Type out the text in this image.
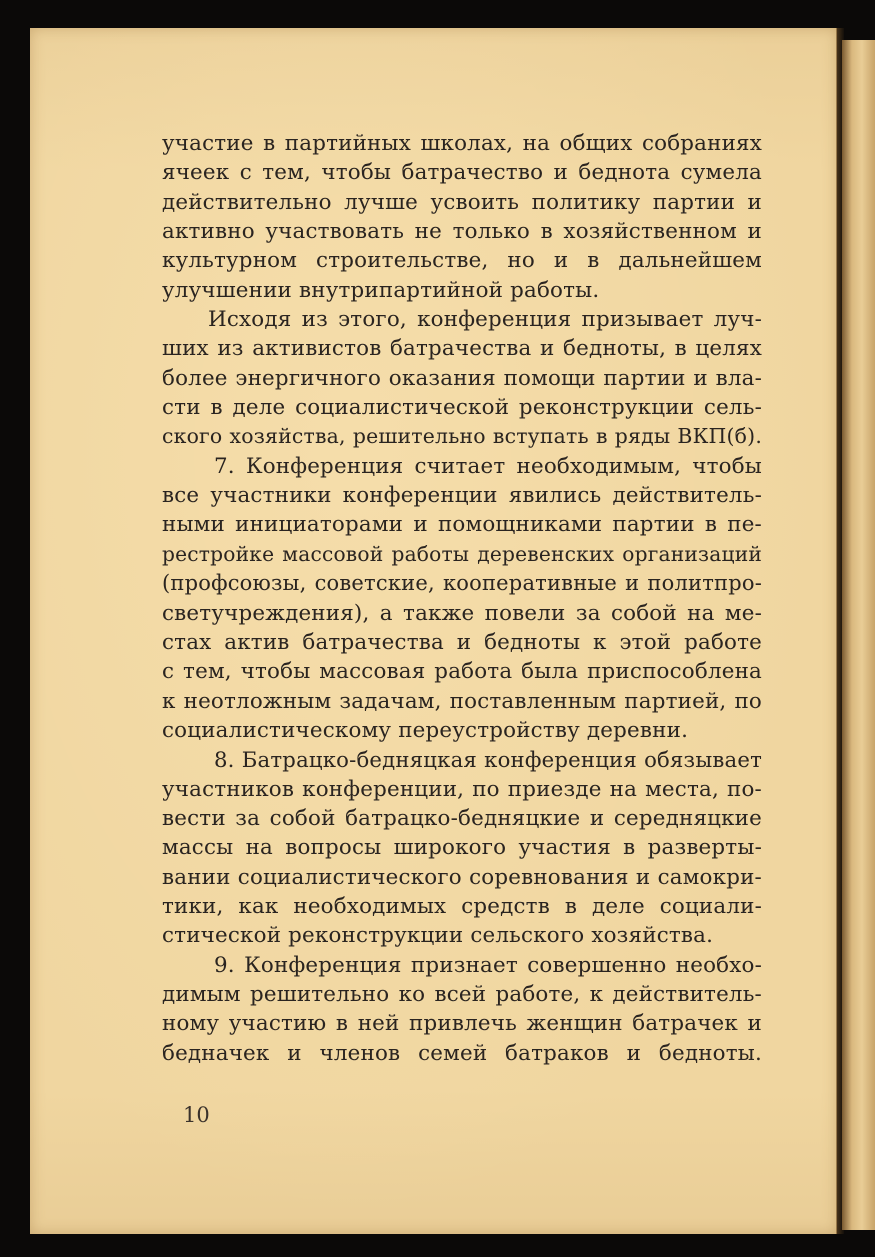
участие в партийных школах, на общих собраниях
ячеек с тем, чтобы батрачество и беднота сумела
действительно лучше усвоить политику партии и
активно участвовать не только в хозяйственном и
культурном строительстве, но и в дальнейшем
улучшении внутрипартийной работы.
Исходя из этого, конференция призывает луч-
ших из активистов батрачества и бедноты, в целях
более энергичного оказания помощи партии и вла-
сти в деле социалистической реконструкции сель-
ского хозяйства, решительно вступать в ряды ВКП(б).
7. Конференция считает необходимым, чтобы
все участники конференции явились действитель-
ными инициаторами и помощниками партии в пе-
рестройке массовой работы деревенских организаций
(профсоюзы, советские, кооперативные и политпро-
светучреждения), а также повели за собой на ме-
стах актив батрачества и бедноты к этой работе
с тем, чтобы массовая работа была приспособлена
к неотложным задачам, поставленным партией, по
социалистическому переустройству деревни.
8. Батрацко-бедняцкая конференция обязывает
участников конференции, по приезде на места, по-
вести за собой батрацко-бедняцкие и середняцкие
массы на вопросы широкого участия в разверты-
вании социалистического соревнования и самокри-
тики, как необходимых средств в деле социали-
стической реконструкции сельского хозяйства.
9. Конференция признает совершенно необхо-
димым решительно ко всей работе, к действитель-
ному участию в ней привлечь женщин батрачек и
бедначек и членов семей батраков и бедноты.
10
